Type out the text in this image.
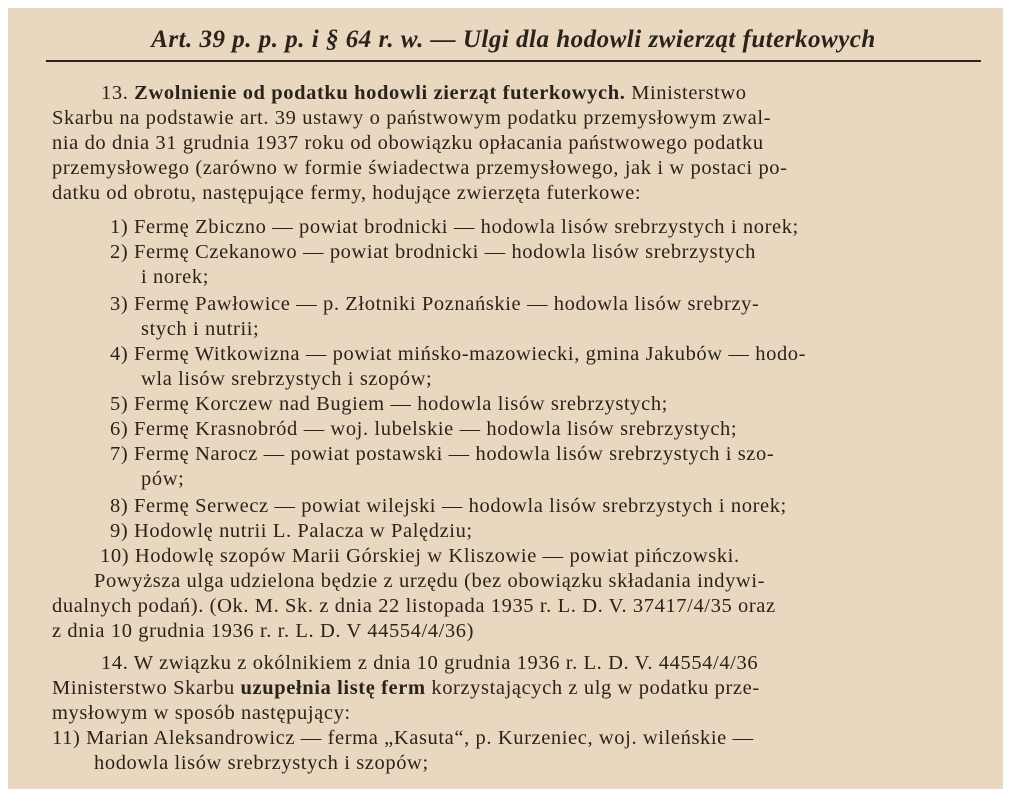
Art. 39 p. p. p. i § 64 r. w. — Ulgi dla hodowli zwierząt futerkowych
13. Zwolnienie od podatku hodowli zierząt futerkowych. Ministerstwo
Skarbu na podstawie art. 39 ustawy o państwowym podatku przemysłowym zwal-
nia do dnia 31 grudnia 1937 roku od obowiązku opłacania państwowego podatku
przemysłowego (zarówno w formie świadectwa przemysłowego, jak i w postaci po-
datku od obrotu, następujące fermy, hodujące zwierzęta futerkowe:
1) Fermę Zbiczno — powiat brodnicki — hodowla lisów srebrzystych i norek;
2) Fermę Czekanowo — powiat brodnicki — hodowla lisów srebrzystych
i norek;
3) Fermę Pawłowice — p. Złotniki Poznańskie — hodowla lisów srebrzy-
stych i nutrii;
4) Fermę Witkowizna — powiat mińsko-mazowiecki, gmina Jakubów — hodo-
wla lisów srebrzystych i szopów;
5) Fermę Korczew nad Bugiem — hodowla lisów srebrzystych;
6) Fermę Krasnobród — woj. lubelskie — hodowla lisów srebrzystych;
7) Fermę Narocz — powiat postawski — hodowla lisów srebrzystych i szo-
pów;
8) Fermę Serwecz — powiat wilejski — hodowla lisów srebrzystych i norek;
9) Hodowlę nutrii L. Palacza w Palędziu;
10) Hodowlę szopów Marii Górskiej w Kliszowie — powiat pińczowski.
Powyższa ulga udzielona będzie z urzędu (bez obowiązku składania indywi-
dualnych podań). (Ok. M. Sk. z dnia 22 listopada 1935 r. L. D. V. 37417/4/35 oraz
z dnia 10 grudnia 1936 r. r. L. D. V 44554/4/36)
14. W związku z okólnikiem z dnia 10 grudnia 1936 r. L. D. V. 44554/4/36
Ministerstwo Skarbu uzupełnia listę ferm korzystających z ulg w podatku prze-
mysłowym w sposób następujący:
11) Marian Aleksandrowicz — ferma „Kasuta“, p. Kurzeniec, woj. wileńskie —
hodowla lisów srebrzystych i szopów;
